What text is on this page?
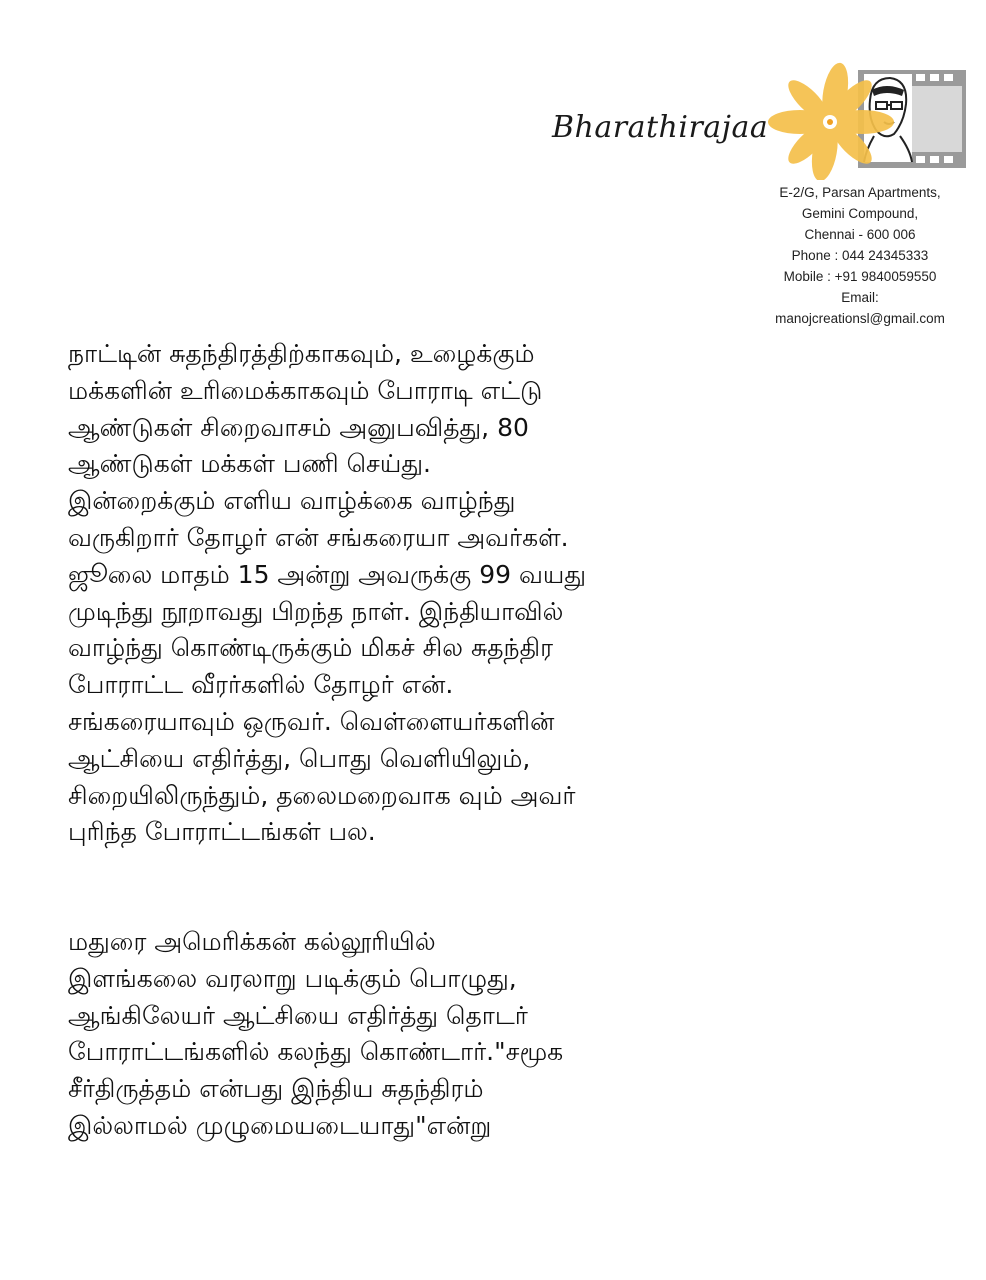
Bharathirajaa
E-2/G, Parsan Apartments,
Gemini Compound,
Chennai - 600 006
Phone : 044 24345333
Mobile : +91 9840059550
Email:
manojcreationsl@gmail.com
நாட்டின் சுதந்திரத்திற்காகவும், உழைக்கும்
மக்களின் உரிமைக்காகவும் போராடி எட்டு
ஆண்டுகள் சிறைவாசம் அனுபவித்து, 80
ஆண்டுகள் மக்கள் பணி செய்து.
இன்றைக்கும் எளிய வாழ்க்கை வாழ்ந்து
வருகிறார் தோழர் என் சங்கரையா அவர்கள்.
ஜூலை மாதம் 15 அன்று அவருக்கு 99 வயது
முடிந்து நூறாவது பிறந்த நாள். இந்தியாவில்
வாழ்ந்து கொண்டிருக்கும் மிகச் சில சுதந்திர
போராட்ட வீரர்களில் தோழர் என்.
சங்கரையாவும் ஒருவர். வெள்ளையர்களின்
ஆட்சியை எதிர்த்து, பொது வெளியிலும்,
சிறையிலிருந்தும், தலைமறைவாக வும் அவர்
புரிந்த போராட்டங்கள் பல.
மதுரை அமெரிக்கன் கல்லூரியில்
இளங்கலை வரலாறு படிக்கும் பொழுது,
ஆங்கிலேயர் ஆட்சியை எதிர்த்து தொடர்
போராட்டங்களில் கலந்து கொண்டார்."சமூக
சீர்திருத்தம் என்பது இந்திய சுதந்திரம்
இல்லாமல் முழுமையடையாது"என்று
